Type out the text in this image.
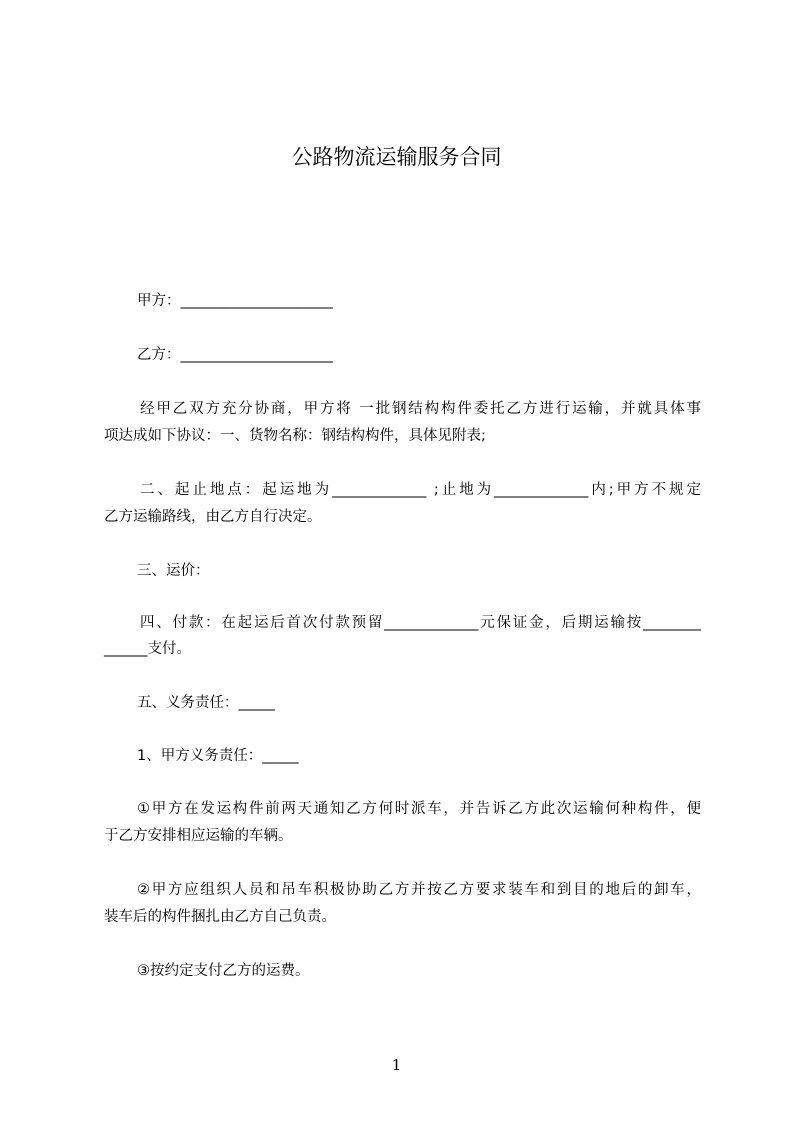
公路物流运输服务合同
甲方：_____________________
乙方：_____________________
经甲乙双方充分协商，甲方将 一批钢结构构件委托乙方进行运输，并就具体事
项达成如下协议：一、货物名称：钢结构构件，具体见附表;
二、起止地点：起运地为_____________ ;止地为_____________内;甲方不规定
乙方运输路线，由乙方自行决定。
三、运价：
四、付款：在起运后首次付款预留_____________元保证金，后期运输按________
______支付。
五、义务责任：_____
1、甲方义务责任：_____
①甲方在发运构件前两天通知乙方何时派车，并告诉乙方此次运输何种构件，便
于乙方安排相应运输的车辆。
②甲方应组织人员和吊车积极协助乙方并按乙方要求装车和到目的地后的卸车，
装车后的构件捆扎由乙方自己负责。
③按约定支付乙方的运费。
1
